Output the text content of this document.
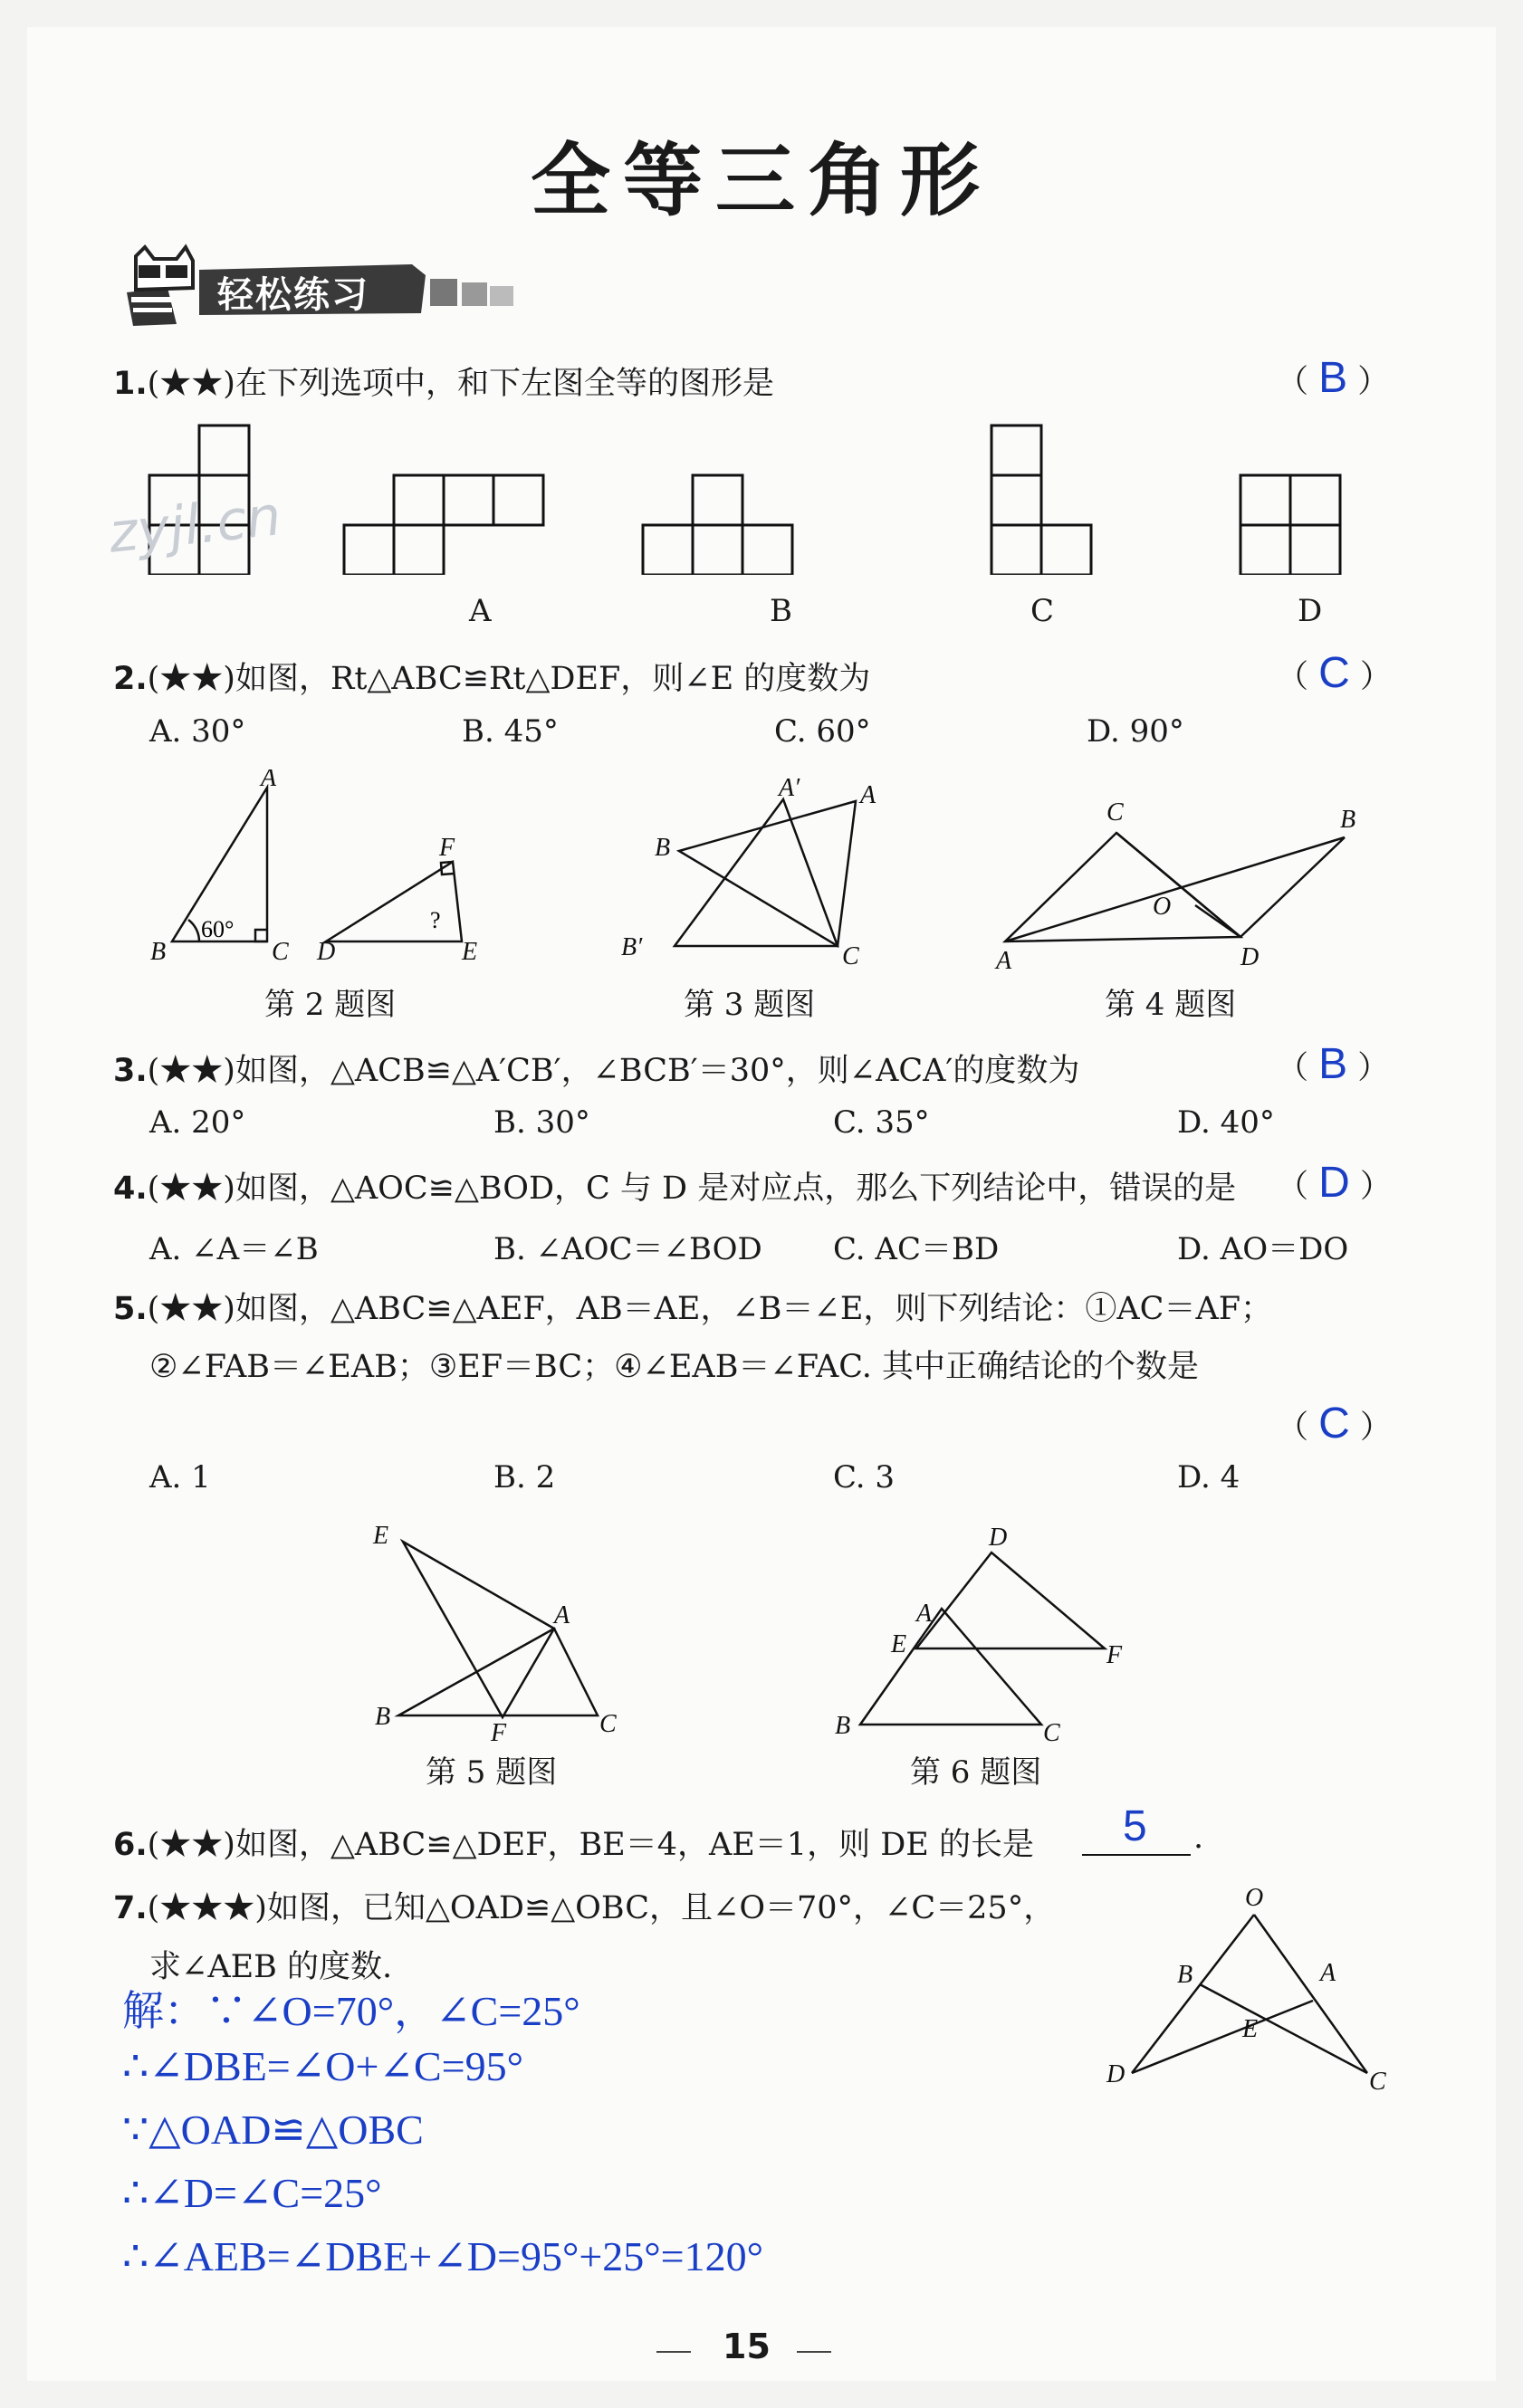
全等三角形
轻松练习
1.(★★)在下列选项中，和下左图全等的图形是	（ B ）
zyjl.cn
A	B	C	D
2.(★★)如图，Rt△ABC≌Rt△DEF，则∠E 的度数为	（ C ）
A. 30°	B. 45°	C. 60°	D. 90°
A
B	C
F
D	E
60°	?
第 2 题图
A′ A
B
B′	C
第 3 题图
C	B
O
A	D
第 4 题图
3.(★★)如图，△ACB≌△A′CB′，∠BCB′＝30°，则∠ACA′的度数为	（ B ）
A. 20°	B. 30°	C. 35°	D. 40°
4.(★★)如图，△AOC≌△BOD，C 与 D 是对应点，那么下列结论中，错误的是 （ D ）
A. ∠A＝∠B	B. ∠AOC＝∠BOD C. AC＝BD	D. AO＝DO
5.(★★)如图，△ABC≌△AEF，AB＝AE，∠B＝∠E，则下列结论：①AC＝AF；
②∠FAB＝∠EAB；③EF＝BC；④∠EAB＝∠FAC. 其中正确结论的个数是
（ C ）
A. 1	B. 2	C. 3	D. 4
E
A
B
F	C
第 5 题图
D
A
E	F
B	C
第 6 题图
6.(★★)如图，△ABC≌△DEF，BE＝4，AE＝1，则 DE 的长是 5 .
7.(★★★)如图，已知△OAD≌△OBC，且∠O＝70°，∠C＝25°，
求∠AEB 的度数.
解：∵∠O=70°，∠C=25°
∴∠DBE=∠O+∠C=95°
∵△OAD≌△OBC
∴∠D=∠C=25°
∴∠AEB=∠DBE+∠D=95°+25°=120°
O
B	A
E
D	C
15
